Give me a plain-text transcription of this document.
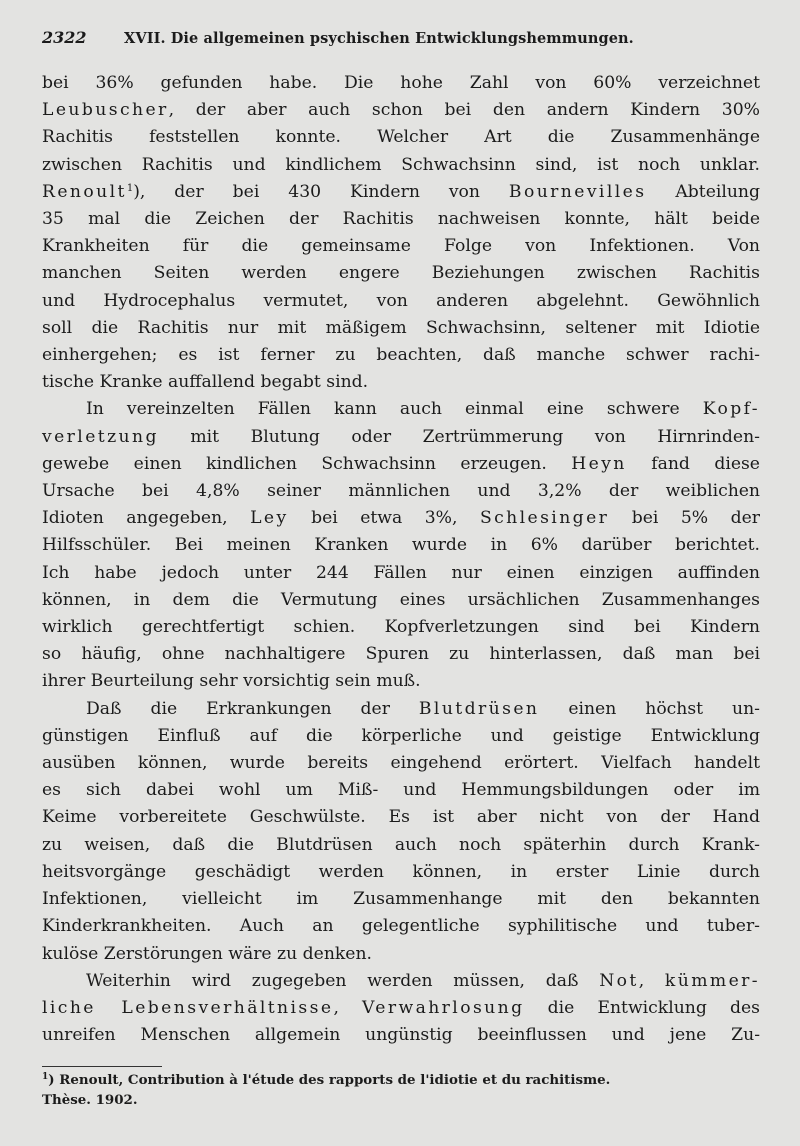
2322	XVII. Die allgemeinen psychischen Entwicklungshemmungen.
bei 36% gefunden habe. Die hohe Zahl von 60% verzeichnet
Leubuscher, der aber auch schon bei den andern Kindern 30%
Rachitis feststellen konnte. Welcher Art die Zusammenhänge
zwischen Rachitis und kindlichem Schwachsinn sind, ist noch unklar.
Renoult$^1$), der bei 430 Kindern von Bournevilles Abteilung
35 mal die Zeichen der Rachitis nachweisen konnte, hält beide
Krankheiten für die gemeinsame Folge von Infektionen. Von
manchen Seiten werden engere Beziehungen zwischen Rachitis
und Hydrocephalus vermutet, von anderen abgelehnt. Gewöhnlich
soll die Rachitis nur mit mäßigem Schwachsinn, seltener mit Idiotie
einhergehen; es ist ferner zu beachten, daß manche schwer rachi-
tische Kranke auffallend begabt sind.
In vereinzelten Fällen kann auch einmal eine schwere Kopf-
verletzung mit Blutung oder Zertrümmerung von Hirnrinden-
gewebe einen kindlichen Schwachsinn erzeugen. Heyn fand diese
Ursache bei 4,8% seiner männlichen und 3,2% der weiblichen
Idioten angegeben, Ley bei etwa 3%, Schlesinger bei 5% der
Hilfsschüler. Bei meinen Kranken wurde in 6% darüber berichtet.
Ich habe jedoch unter 244 Fällen nur einen einzigen auffinden
können, in dem die Vermutung eines ursächlichen Zusammenhanges
wirklich gerechtfertigt schien. Kopfverletzungen sind bei Kindern
so häufig, ohne nachhaltigere Spuren zu hinterlassen, daß man bei
ihrer Beurteilung sehr vorsichtig sein muß.
Daß die Erkrankungen der Blutdrüsen einen höchst un-
günstigen Einfluß auf die körperliche und geistige Entwicklung
ausüben können, wurde bereits eingehend erörtert. Vielfach handelt
es sich dabei wohl um Miß- und Hemmungsbildungen oder im
Keime vorbereitete Geschwülste. Es ist aber nicht von der Hand
zu weisen, daß die Blutdrüsen auch noch späterhin durch Krank-
heitsvorgänge geschädigt werden können, in erster Linie durch
Infektionen, vielleicht im Zusammenhange mit den bekannten
Kinderkrankheiten. Auch an gelegentliche syphilitische und tuber-
kulöse Zerstörungen wäre zu denken.
Weiterhin wird zugegeben werden müssen, daß Not, kümmer-
liche Lebensverhältnisse, Verwahrlosung die Entwicklung des
unreifen Menschen allgemein ungünstig beeinflussen und jene Zu-
$^1$) Renoult, Contribution à l'étude des rapports de l'idiotie et du rachitisme.
Thèse. 1902.
